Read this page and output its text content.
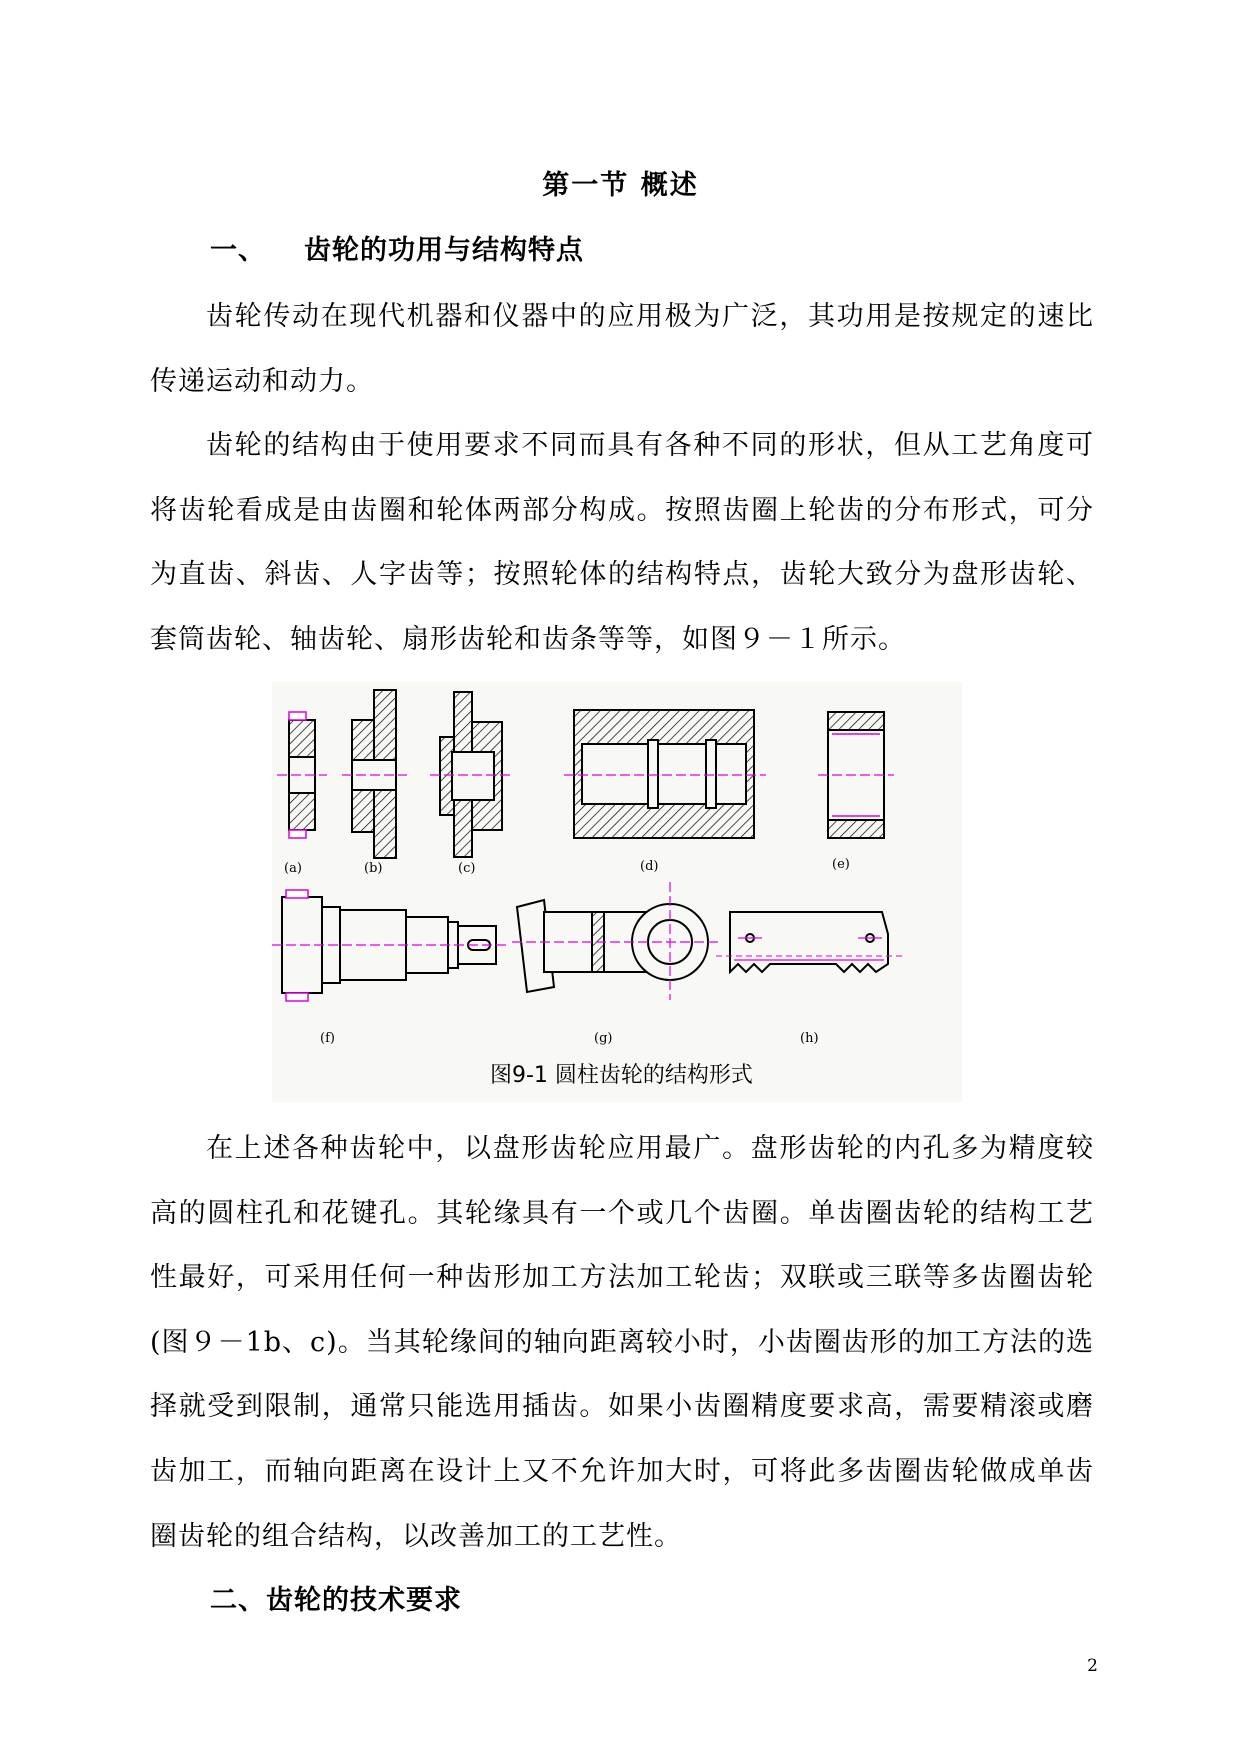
第一节 概述
一、 齿轮的功用与结构特点
齿轮传动在现代机器和仪器中的应用极为广泛，其功用是按规定的速比传递运动和动力。
齿轮的结构由于使用要求不同而具有各种不同的形状，但从工艺角度可将齿轮看成是由齿圈和轮体两部分构成。按照齿圈上轮齿的分布形式，可分为直齿、斜齿、人字齿等；按照轮体的结构特点，齿轮大致分为盘形齿轮、套筒齿轮、轴齿轮、扇形齿轮和齿条等等，如图９－１所示。
(a)	(b)	(c)	(d)	(e)
(f)	(g)	(h)
图9-1 圆柱齿轮的结构形式
在上述各种齿轮中，以盘形齿轮应用最广。盘形齿轮的内孔多为精度较高的圆柱孔和花键孔。其轮缘具有一个或几个齿圈。单齿圈齿轮的结构工艺性最好，可采用任何一种齿形加工方法加工轮齿；双联或三联等多齿圈齿轮(图９－1b、c)。当其轮缘间的轴向距离较小时，小齿圈齿形的加工方法的选择就受到限制，通常只能选用插齿。如果小齿圈精度要求高，需要精滚或磨齿加工，而轴向距离在设计上又不允许加大时，可将此多齿圈齿轮做成单齿圈齿轮的组合结构，以改善加工的工艺性。
二、齿轮的技术要求
2
